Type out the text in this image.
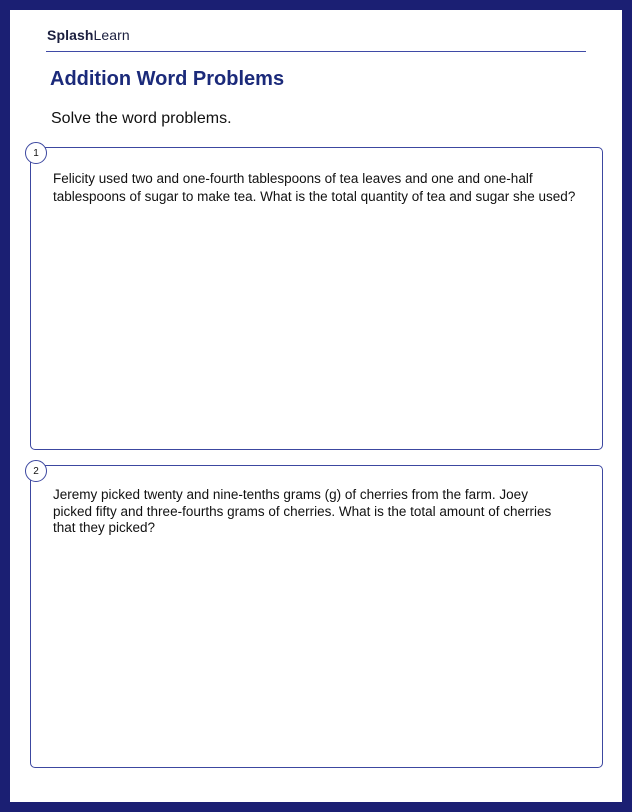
SplashLearn
Addition Word Problems
Solve the word problems.
1
Felicity used two and one-fourth tablespoons of tea leaves and one and one-half tablespoons of sugar to make tea. What is the total quantity of tea and sugar she used?
2
Jeremy picked twenty and nine-tenths grams (g) of cherries from the farm. Joey picked fifty and three-fourths grams of cherries. What is the total amount of cherries that they picked?
